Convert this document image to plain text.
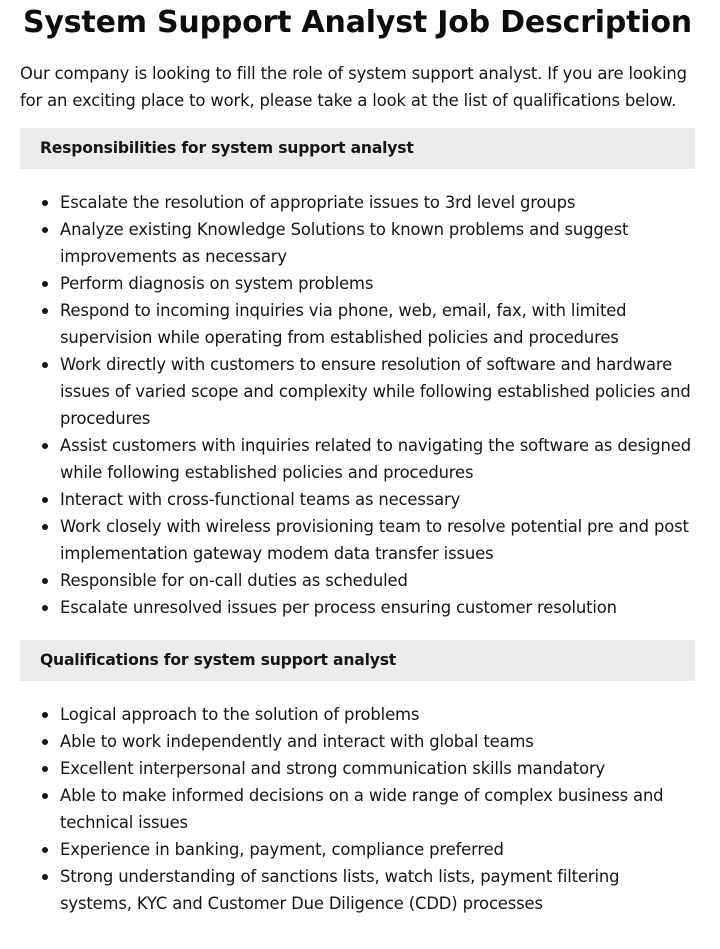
System Support Analyst Job Description

Our company is looking to fill the role of system support analyst. If you are looking for an exciting place to work, please take a look at the list of qualifications below.

Responsibilities for system support analyst
Escalate the resolution of appropriate issues to 3rd level groups
Analyze existing Knowledge Solutions to known problems and suggest improvements as necessary
Perform diagnosis on system problems
Respond to incoming inquiries via phone, web, email, fax, with limited supervision while operating from established policies and procedures
Work directly with customers to ensure resolution of software and hardware issues of varied scope and complexity while following established policies and procedures
Assist customers with inquiries related to navigating the software as designed while following established policies and procedures
Interact with cross-functional teams as necessary
Work closely with wireless provisioning team to resolve potential pre and post implementation gateway modem data transfer issues
Responsible for on-call duties as scheduled
Escalate unresolved issues per process ensuring customer resolution
Qualifications for system support analyst
Logical approach to the solution of problems
Able to work independently and interact with global teams
Excellent interpersonal and strong communication skills mandatory
Able to make informed decisions on a wide range of complex business and technical issues
Experience in banking, payment, compliance preferred
Strong understanding of sanctions lists, watch lists, payment filtering systems, KYC and Customer Due Diligence (CDD) processes
